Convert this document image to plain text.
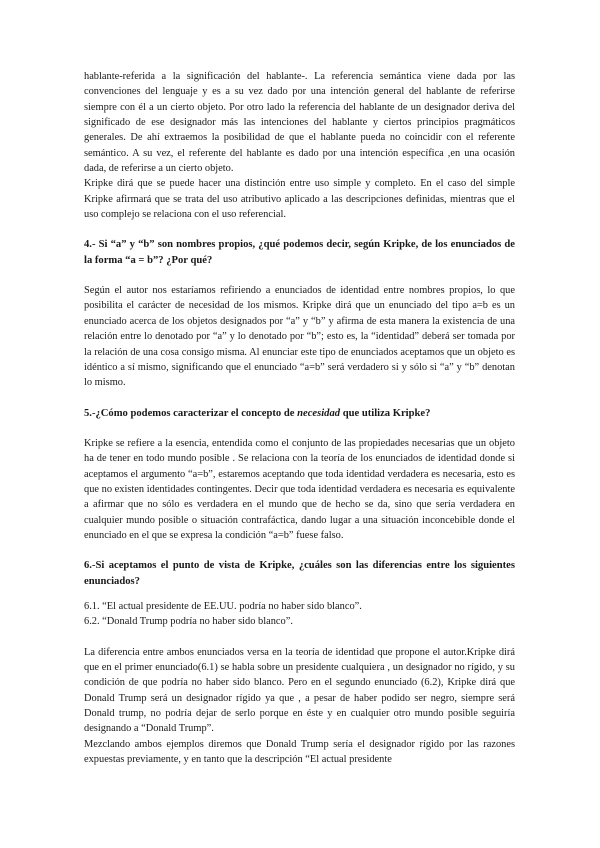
hablante-referida a la significación del hablante-. La referencia semántica viene dada por las convenciones del lenguaje y es a su vez dado por una intención general del hablante de referirse siempre con él a un cierto objeto. Por otro lado la referencia del hablante de un designador deriva del significado de ese designador más las intenciones del hablante y ciertos principios pragmáticos generales. De ahí extraemos la posibilidad de que el hablante pueda no coincidir con el referente semántico. A su vez, el referente del hablante es dado por una intención específica ,en una ocasión dada, de referirse a un cierto objeto.

Kripke dirá que se puede hacer una distinción entre uso simple y completo. En el caso del simple Kripke afirmará que se trata del uso atributivo aplicado a las descripciones definidas, mientras que el uso complejo se relaciona con el uso referencial.

4.- Si “a” y “b” son nombres propios, ¿qué podemos decir, según Kripke, de los enunciados de la forma “a = b”? ¿Por qué?

Según el autor nos estaríamos refiriendo a enunciados de identidad entre nombres propios, lo que posibilita el carácter de necesidad de los mismos. Kripke dirá que un enunciado del tipo a=b es un enunciado acerca de los objetos designados por “a” y “b” y afirma de esta manera la existencia de una relación entre lo denotado por “a” y lo denotado por “b”; esto es, la “identidad” deberá ser tomada por la relación de una cosa consigo misma. Al enunciar este tipo de enunciados aceptamos que un objeto es idéntico a sí mismo, significando que el enunciado “a=b” será verdadero si y sólo si “a” y “b” denotan lo mismo.

5.-¿Cómo podemos caracterizar el concepto de necesidad que utiliza Kripke?

Kripke se refiere a la esencia, entendida como el conjunto de las propiedades necesarias que un objeto ha de tener en todo mundo posible . Se relaciona con la teoría de los enunciados de identidad donde si aceptamos el argumento “a=b”, estaremos aceptando que toda identidad verdadera es necesaria, esto es que no existen identidades contingentes. Decir que toda identidad verdadera es necesaria es equivalente a afirmar que no sólo es verdadera en el mundo que de hecho se da, sino que sería verdadera en cualquier mundo posible o situación contrafáctica, dando lugar a una situación inconcebible donde el enunciado en el que se expresa la condición “a=b” fuese falso.

6.-Si aceptamos el punto de vista de Kripke, ¿cuáles son las diferencias entre los siguientes enunciados?

6.1. “El actual presidente de EE.UU. podría no haber sido blanco”.

6.2. “Donald Trump podría no haber sido blanco”.

La diferencia entre ambos enunciados versa en la teoría de identidad que propone el autor.Kripke dirá que en el primer enunciado(6.1) se habla sobre un presidente cualquiera , un designador no rígido, y su condición de que podría no haber sido blanco. Pero en el segundo enunciado (6.2), Kripke dirá que Donald Trump será un designador rígido ya que , a pesar de haber podido ser negro, siempre será Donald trump, no podría dejar de serlo porque en éste y en cualquier otro mundo posible seguiría designando a “Donald Trump”.

Mezclando ambos ejemplos diremos que Donald Trump sería el designador rígido por las razones expuestas previamente, y en tanto que la descripción “El actual presidente
